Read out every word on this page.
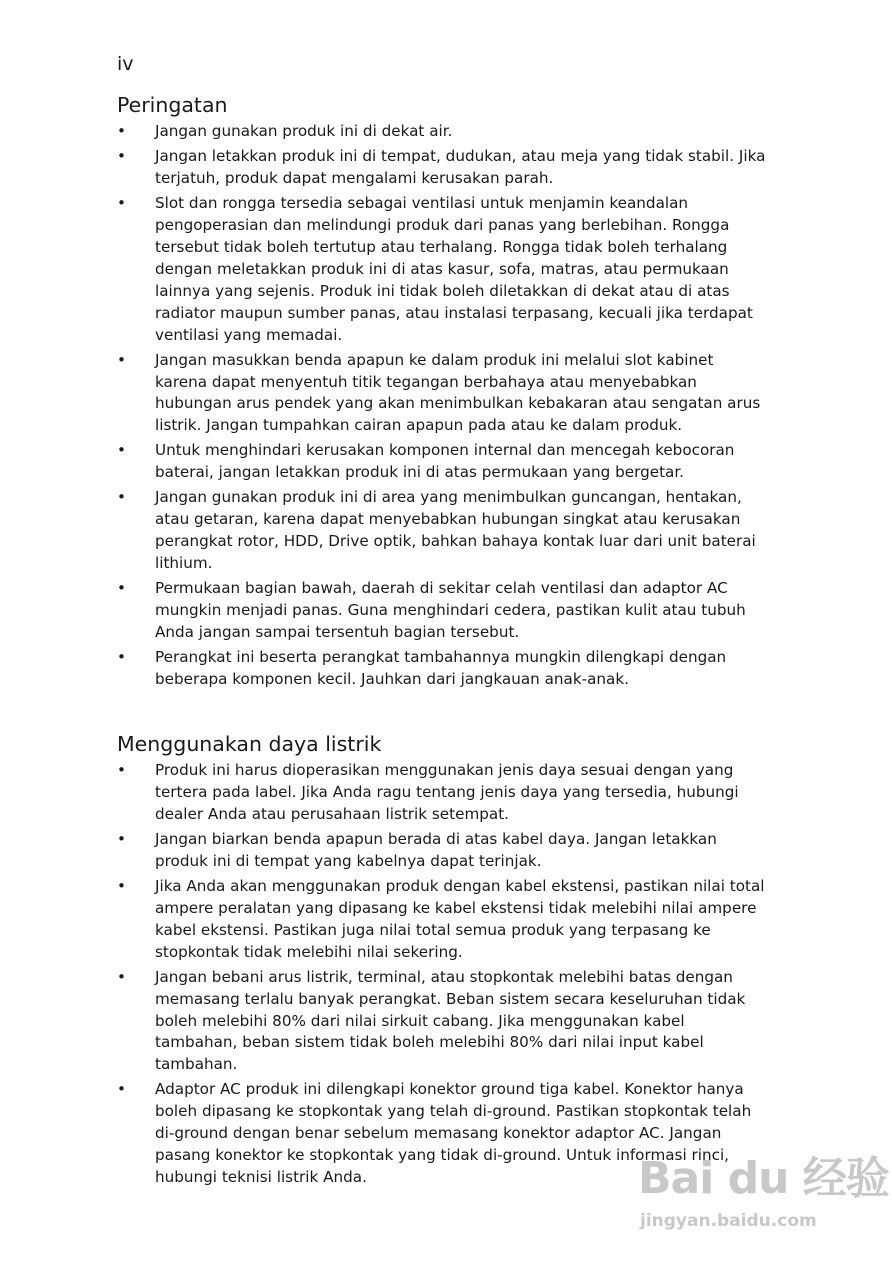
iv

Peringatan
• Jangan gunakan produk ini di dekat air.
• Jangan letakkan produk ini di tempat, dudukan, atau meja yang tidak stabil. Jika terjatuh, produk dapat mengalami kerusakan parah.
• Slot dan rongga tersedia sebagai ventilasi untuk menjamin keandalan pengoperasian dan melindungi produk dari panas yang berlebihan. Rongga tersebut tidak boleh tertutup atau terhalang. Rongga tidak boleh terhalang dengan meletakkan produk ini di atas kasur, sofa, matras, atau permukaan lainnya yang sejenis. Produk ini tidak boleh diletakkan di dekat atau di atas radiator maupun sumber panas, atau instalasi terpasang, kecuali jika terdapat ventilasi yang memadai.
• Jangan masukkan benda apapun ke dalam produk ini melalui slot kabinet karena dapat menyentuh titik tegangan berbahaya atau menyebabkan hubungan arus pendek yang akan menimbulkan kebakaran atau sengatan arus listrik. Jangan tumpahkan cairan apapun pada atau ke dalam produk.
• Untuk menghindari kerusakan komponen internal dan mencegah kebocoran baterai, jangan letakkan produk ini di atas permukaan yang bergetar.
• Jangan gunakan produk ini di area yang menimbulkan guncangan, hentakan, atau getaran, karena dapat menyebabkan hubungan singkat atau kerusakan perangkat rotor, HDD, Drive optik, bahkan bahaya kontak luar dari unit baterai lithium.
• Permukaan bagian bawah, daerah di sekitar celah ventilasi dan adaptor AC mungkin menjadi panas. Guna menghindari cedera, pastikan kulit atau tubuh Anda jangan sampai tersentuh bagian tersebut.
• Perangkat ini beserta perangkat tambahannya mungkin dilengkapi dengan beberapa komponen kecil. Jauhkan dari jangkauan anak-anak.
Menggunakan daya listrik
• Produk ini harus dioperasikan menggunakan jenis daya sesuai dengan yang tertera pada label. Jika Anda ragu tentang jenis daya yang tersedia, hubungi dealer Anda atau perusahaan listrik setempat.
• Jangan biarkan benda apapun berada di atas kabel daya. Jangan letakkan produk ini di tempat yang kabelnya dapat terinjak.
• Jika Anda akan menggunakan produk dengan kabel ekstensi, pastikan nilai total ampere peralatan yang dipasang ke kabel ekstensi tidak melebihi nilai ampere kabel ekstensi. Pastikan juga nilai total semua produk yang terpasang ke stopkontak tidak melebihi nilai sekering.
• Jangan bebani arus listrik, terminal, atau stopkontak melebihi batas dengan memasang terlalu banyak perangkat. Beban sistem secara keseluruhan tidak boleh melebihi 80% dari nilai sirkuit cabang. Jika menggunakan kabel tambahan, beban sistem tidak boleh melebihi 80% dari nilai input kabel tambahan.
• Adaptor AC produk ini dilengkapi konektor ground tiga kabel. Konektor hanya boleh dipasang ke stopkontak yang telah di-ground. Pastikan stopkontak telah di-ground dengan benar sebelum memasang konektor adaptor AC. Jangan pasang konektor ke stopkontak yang tidak di-ground. Untuk informasi rinci, hubungi teknisi listrik Anda.	Bai du 经验
jingyan.baidu.com
